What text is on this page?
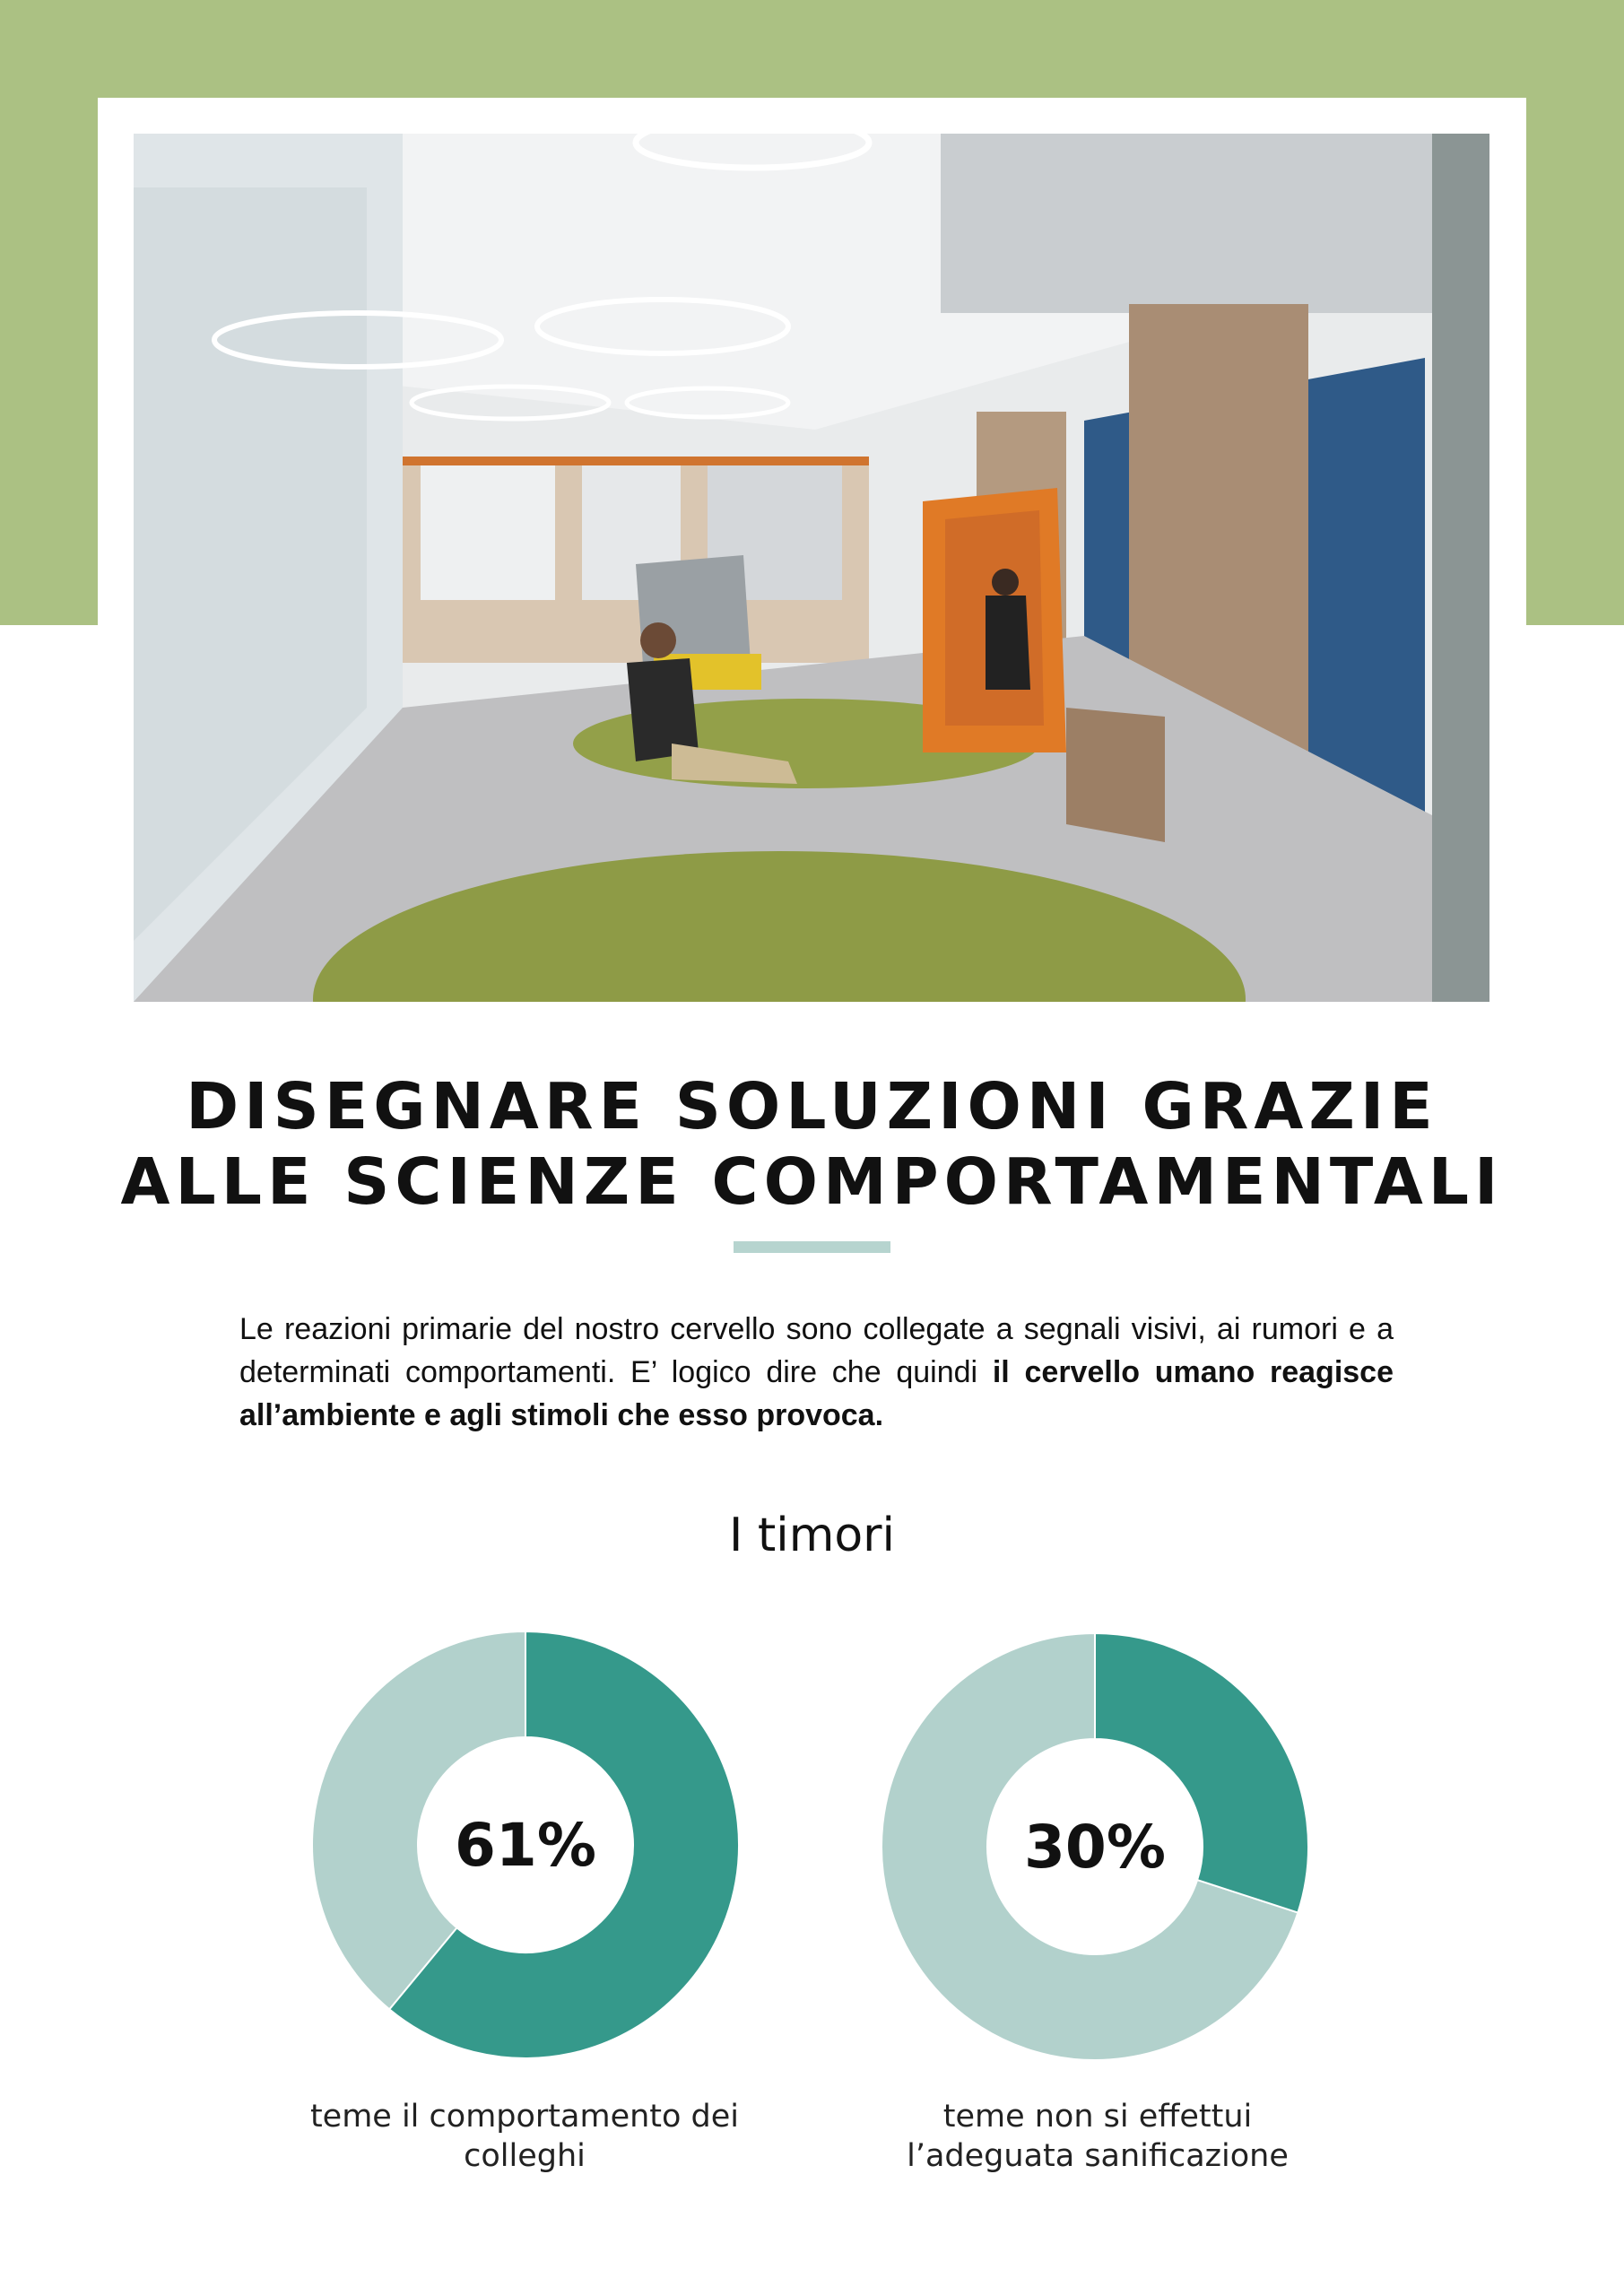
DISEGNARE SOLUZIONI GRAZIE
ALLE SCIENZE COMPORTAMENTALI
Le reazioni primarie del nostro cervello sono collegate a segnali visivi, ai rumori e a determinati comportamenti. E’ logico dire che quindi il cervello umano reagisce all’ambiente e agli stimoli che esso provoca.
I timori
61%
teme il comportamento dei colleghi
30%
teme non si effettui l’adeguata sanificazione
